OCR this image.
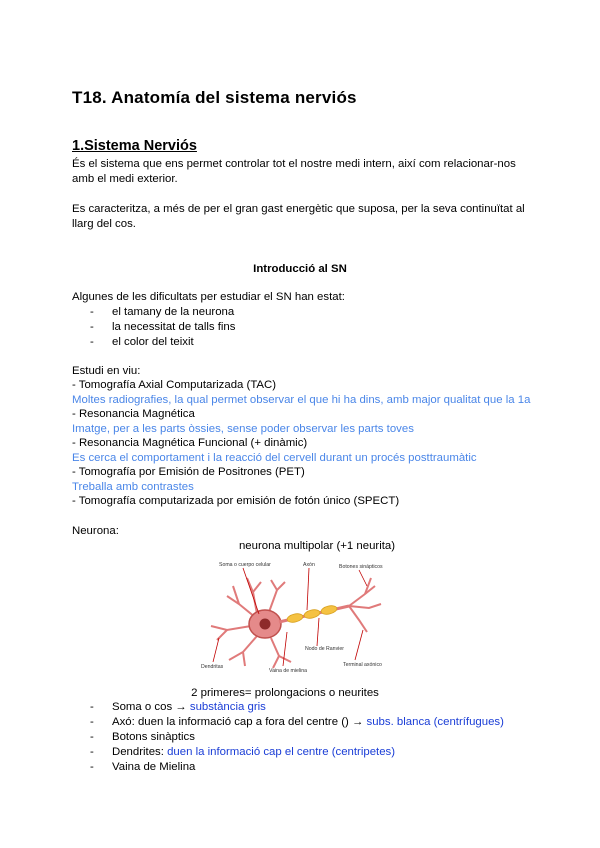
T18. Anatomía del sistema nerviós
1.Sistema Nerviós
És el sistema que ens permet controlar tot el nostre medi intern, així com relacionar-nos
amb el medi exterior.
Es caracteritza, a més de per el gran gast energètic que suposa, per la seva continuïtat al
llarg del cos.
Introducció al SN
Algunes de les dificultats per estudiar el SN han estat:
- el tamany de la neurona
- la necessitat de talls fins
- el color del teixit
Estudi en viu:
- Tomografía Axial Computarizada (TAC)
Moltes radiografies, la qual permet observar el que hi ha dins, amb major qualitat que la 1a
- Resonancia Magnética
Imatge, per a les parts òssies, sense poder observar les parts toves
- Resonancia Magnética Funcional (+ dinàmic)
Es cerca el comportament i la reacció del cervell durant un procés posttraumàtic
- Tomografía por Emisión de Positrones (PET)
Treballa amb contrastes
- Tomografía computarizada por emisión de fotón único (SPECT)
Neurona:
neurona multipolar (+1 neurita)
Soma o cuerpo celular	Axón	Botones sinápticos
Dendritas
Vaina de mielina
Nodo de Ranvier
Terminal axónico
2 primeres= prolongacions o neurites
- Soma o cos → substància gris
- Axó: duen la informació cap a fora del centre () → subs. blanca (centrífugues)
- Botons sinàptics
- Dendrites: duen la informació cap el centre (centripetes)
- Vaina de Mielina
